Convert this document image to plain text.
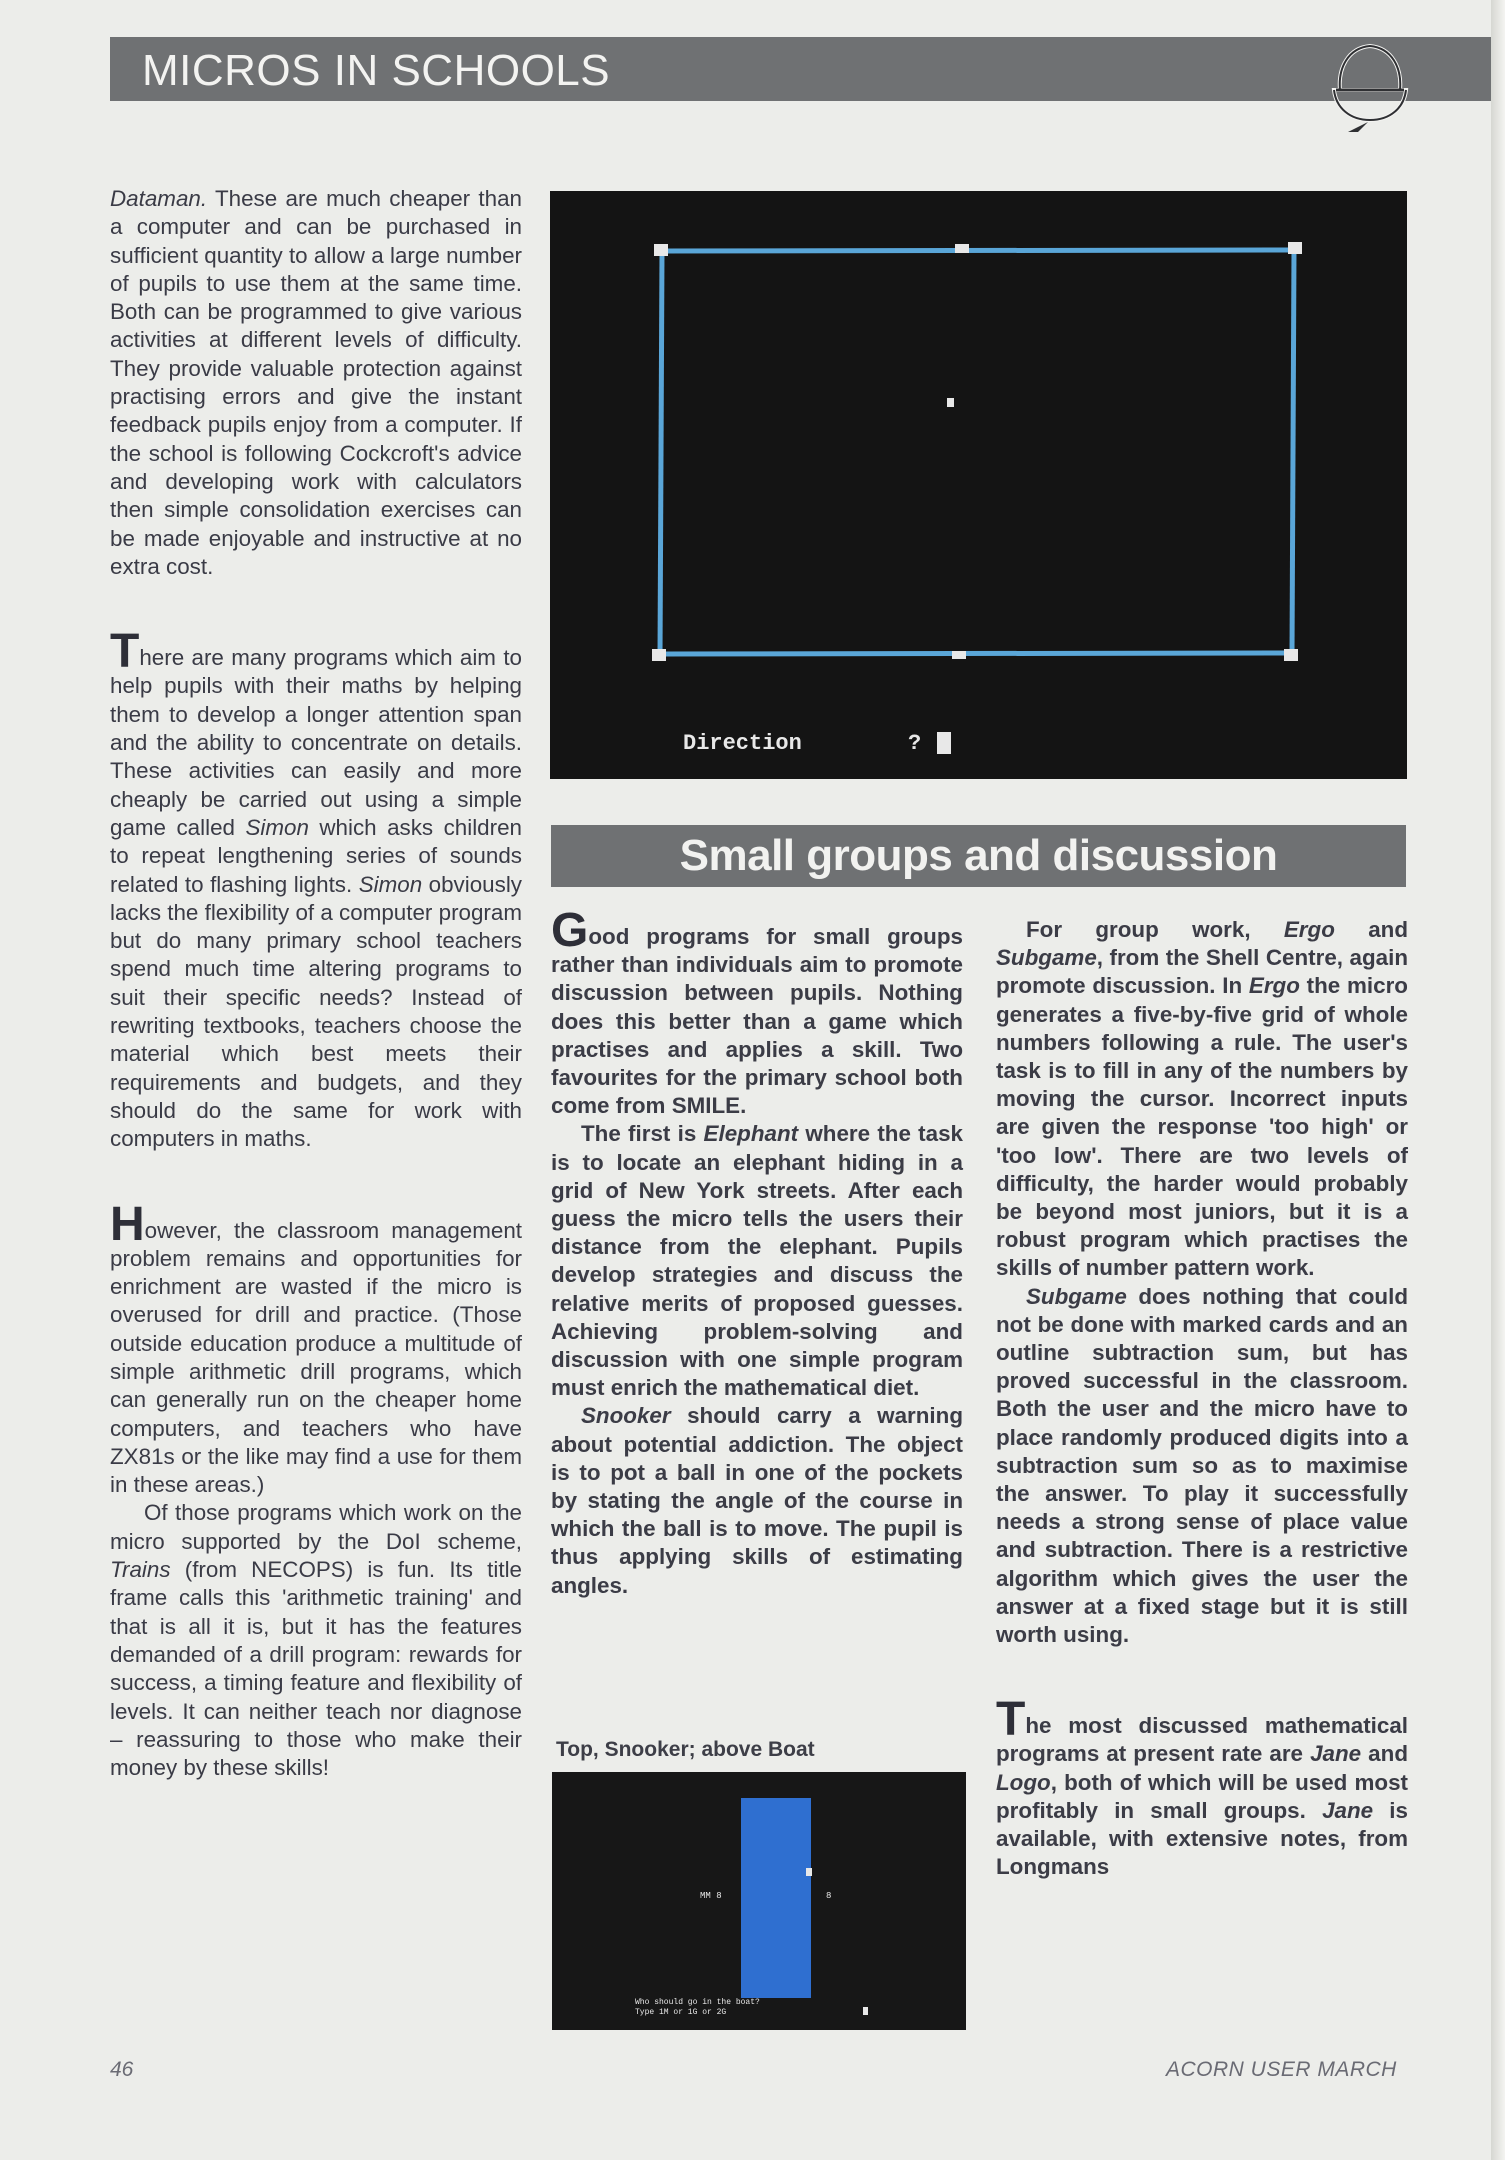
MICROS IN SCHOOLS

Dataman. These are much cheaper than a computer and can be purchased in sufficient quantity to allow a large number of pupils to use them at the same time. Both can be programmed to give various activities at different levels of difficulty. They provide valuable protection against practising errors and give the instant feedback pupils enjoy from a computer. If the school is following Cockcroft's advice and developing work with calculators then simple consolidation exercises can be made enjoyable and instructive at no extra cost.

There are many programs which aim to help pupils with their maths by helping them to develop a longer attention span and the ability to concentrate on details. These activities can easily and more cheaply be carried out using a simple game called Simon which asks children to repeat lengthening series of sounds related to flashing lights. Simon obviously lacks the flexibility of a computer program but do many primary school teachers spend much time altering programs to suit their specific needs? Instead of rewriting textbooks, teachers choose the material which best meets their requirements and budgets, and they should do the same for work with computers in maths.

However, the classroom management problem remains and opportunities for enrichment are wasted if the micro is overused for drill and practice. (Those outside education produce a multitude of simple arithmetic drill programs, which can generally run on the cheaper home computers, and teachers who have ZX81s or the like may find a use for them in these areas.)

Of those programs which work on the micro supported by the DoI scheme, Trains (from NECOPS) is fun. Its title frame calls this 'arithmetic training' and that is all it is, but it has the features demanded of a drill program: rewards for success, a timing feature and flexibility of levels. It can neither teach nor diagnose – reassuring to those who make their money by these skills!

Direction	?
Small groups and discussion

Good programs for small groups rather than individuals aim to promote discussion between pupils. Nothing does this better than a game which practises and applies a skill. Two favourites for the primary school both come from SMILE.

The first is Elephant where the task is to locate an elephant hiding in a grid of New York streets. After each guess the micro tells the users their distance from the elephant. Pupils develop strategies and discuss the relative merits of proposed guesses. Achieving problem-solving and discussion with one simple program must enrich the mathematical diet.

Snooker should carry a warning about potential addiction. The object is to pot a ball in one of the pockets by stating the angle of the course in which the ball is to move. The pupil is thus applying skills of estimating angles.

Top, Snooker; above Boat
MM 8	8
Who should go in the boat?
Type 1M or 1G or 2G

For group work, Ergo and Subgame, from the Shell Centre, again promote discussion. In Ergo the micro generates a five-by-five grid of whole numbers following a rule. The user's task is to fill in any of the numbers by moving the cursor. Incorrect inputs are given the response 'too high' or 'too low'. There are two levels of difficulty, the harder would probably be beyond most juniors, but it is a robust program which practises the skills of number pattern work.

Subgame does nothing that could not be done with marked cards and an outline subtraction sum, but has proved successful in the classroom. Both the user and the micro have to place randomly produced digits into a subtraction sum so as to maximise the answer. To play it successfully needs a strong sense of place value and subtraction. There is a restrictive algorithm which gives the user the answer at a fixed stage but it is still worth using.

The most discussed mathematical programs at present rate are Jane and Logo, both of which will be used most profitably in small groups. Jane is available, with extensive notes, from Longmans

46	ACORN USER MARCH
